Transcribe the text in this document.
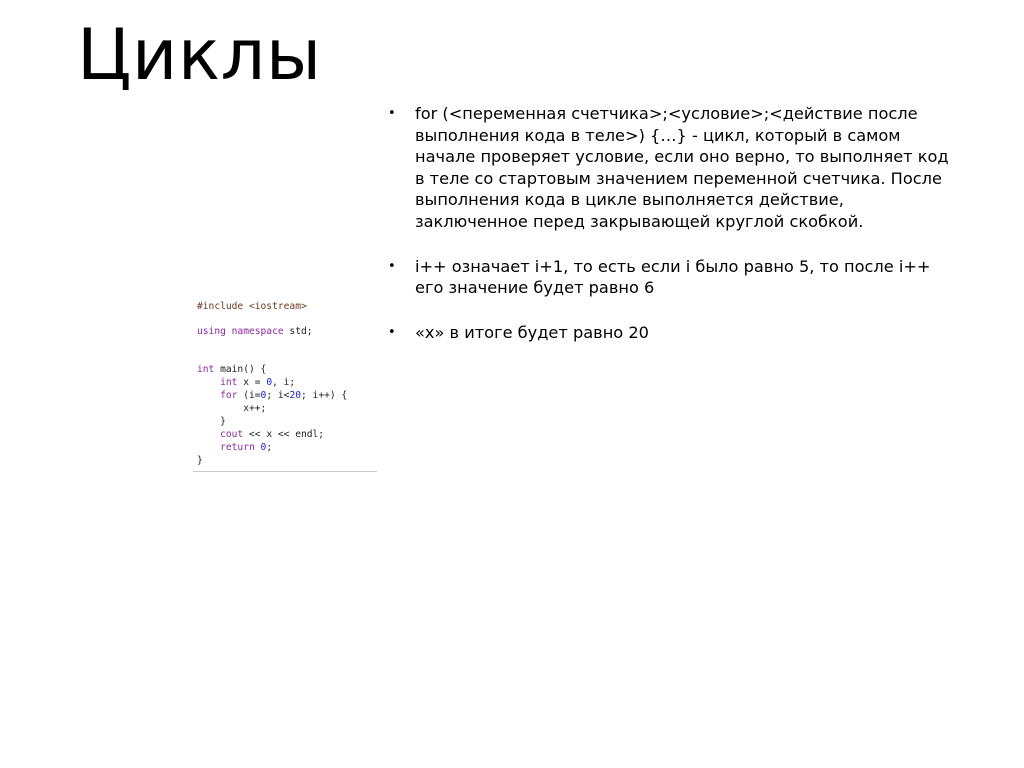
Циклы
•	for (<переменная счетчика>;<условие>;<действие после
выполнения кода в теле>) {…} - цикл, который в самом
начале проверяет условие, если оно верно, то выполняет код
в теле со стартовым значением переменной счетчика. После
выполнения кода в цикле выполняется действие,
заключенное перед закрывающей круглой скобкой.
•	i++ означает i+1, то есть если i было равно 5, то после i++
его значение будет равно 6
•	«x» в итоге будет равно 20
#include <iostream>
using namespace std;
int main() {
int x = 0, i;
for (i=0; i<20; i++) {
x++;
}
cout << x << endl;
return 0;
}
